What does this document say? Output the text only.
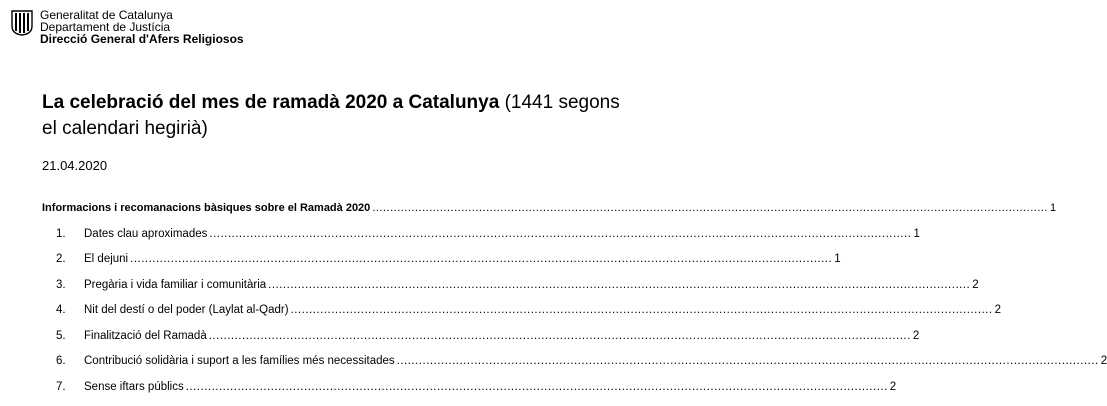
Generalitat de Catalunya
Departament de Justícia
Direcció General d'Afers Religiosos
La celebració del mes de ramadà 2020 a Catalunya (1441 segons el calendari hegirià)
21.04.2020
Informacions i recomanacions bàsiques sobre el Ramadà 2020 .............................................................................................................................................................................................. 1
1.	Dates clau aproximades .............................................................................................................................................................................................. 1
2.	El dejuni .............................................................................................................................................................................................. 1
3.	Pregària i vida familiar i comunitària .............................................................................................................................................................................................. 2
4.	Nit del destí o del poder (Laylat al-Qadr) .............................................................................................................................................................................................. 2
5.	Finalització del Ramadà .............................................................................................................................................................................................. 2
6.	Contribució solidària i suport a les famílies més necessitades .............................................................................................................................................................................................. 2
7.	Sense iftars públics .............................................................................................................................................................................................. 2
